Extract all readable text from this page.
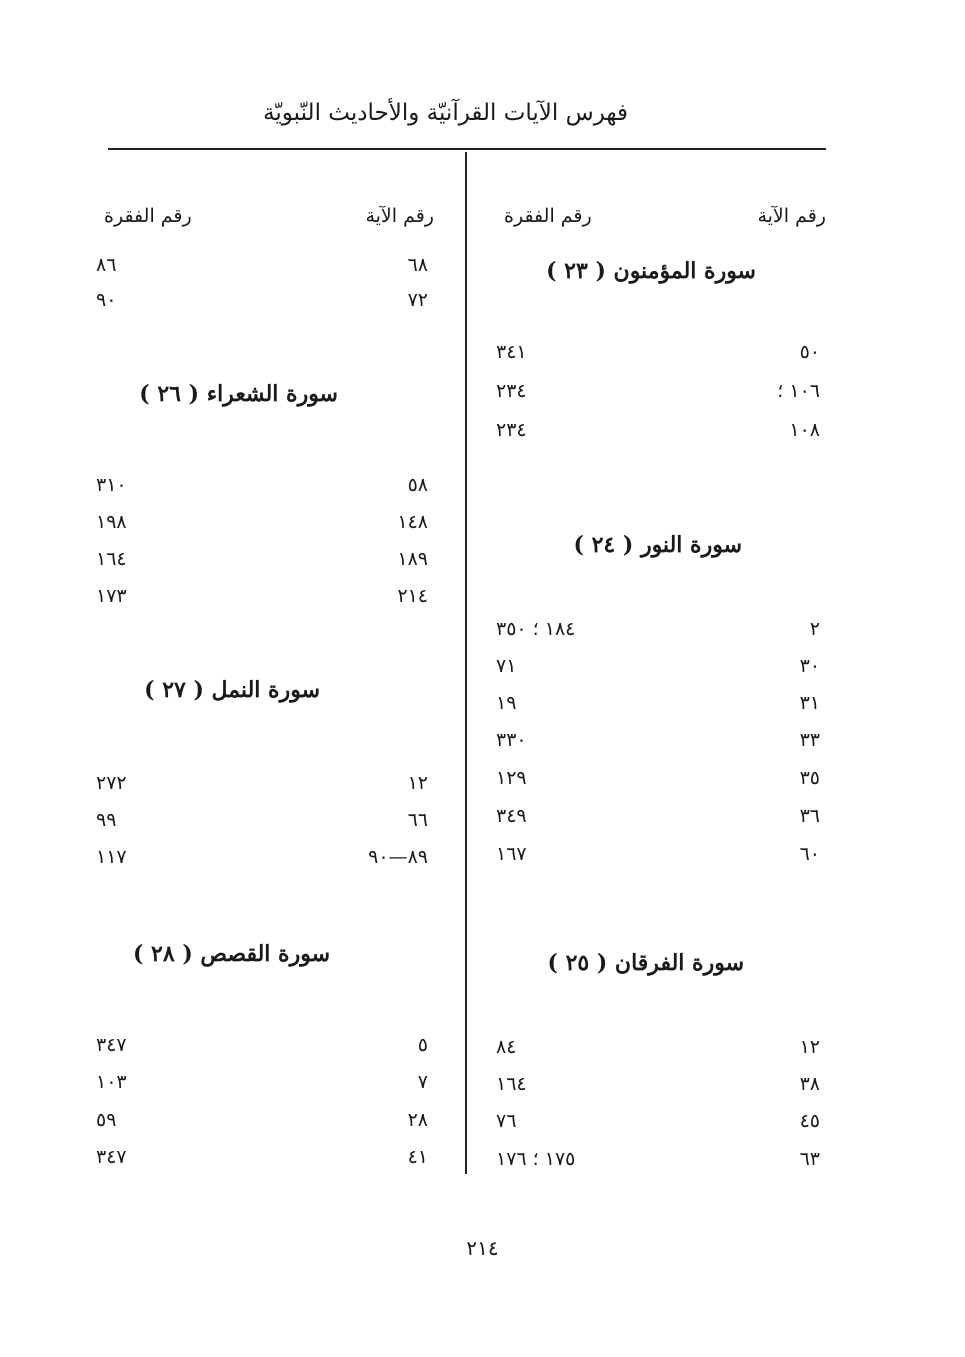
فهرس الآيات القرآنيّة والأحاديث النّبويّة
رقم الآية
رقم الفقرة
سورة المؤمنون ( ٢٣ )
٥٠
٣٤١
١٠٦ ؛
٢٣٤
١٠٨
٢٣٤
سورة النور ( ٢٤ )
٢
١٨٤ ؛ ٣٥٠
٣٠
٧١
٣١
١٩
٣٣
٣٣٠
٣٥
١٢٩
٣٦
٣٤٩
٦٠
١٦٧
سورة الفرقان ( ٢٥ )
١٢
٨٤
٣٨
١٦٤
٤٥
٧٦
٦٣
١٧٥ ؛ ١٧٦
رقم الآية
رقم الفقرة
٦٨
٨٦
٧٢
٩٠
سورة الشعراء ( ٢٦ )
٥٨
٣١٠
١٤٨
١٩٨
١٨٩
١٦٤
٢١٤
١٧٣
سورة النمل ( ٢٧ )
١٢
٢٧٢
٦٦
٩٩
٨٩—٩٠
١١٧
سورة القصص ( ٢٨ )
٥
٣٤٧
٧
١٠٣
٢٨
٥٩
٤١
٣٤٧
٢١٤
